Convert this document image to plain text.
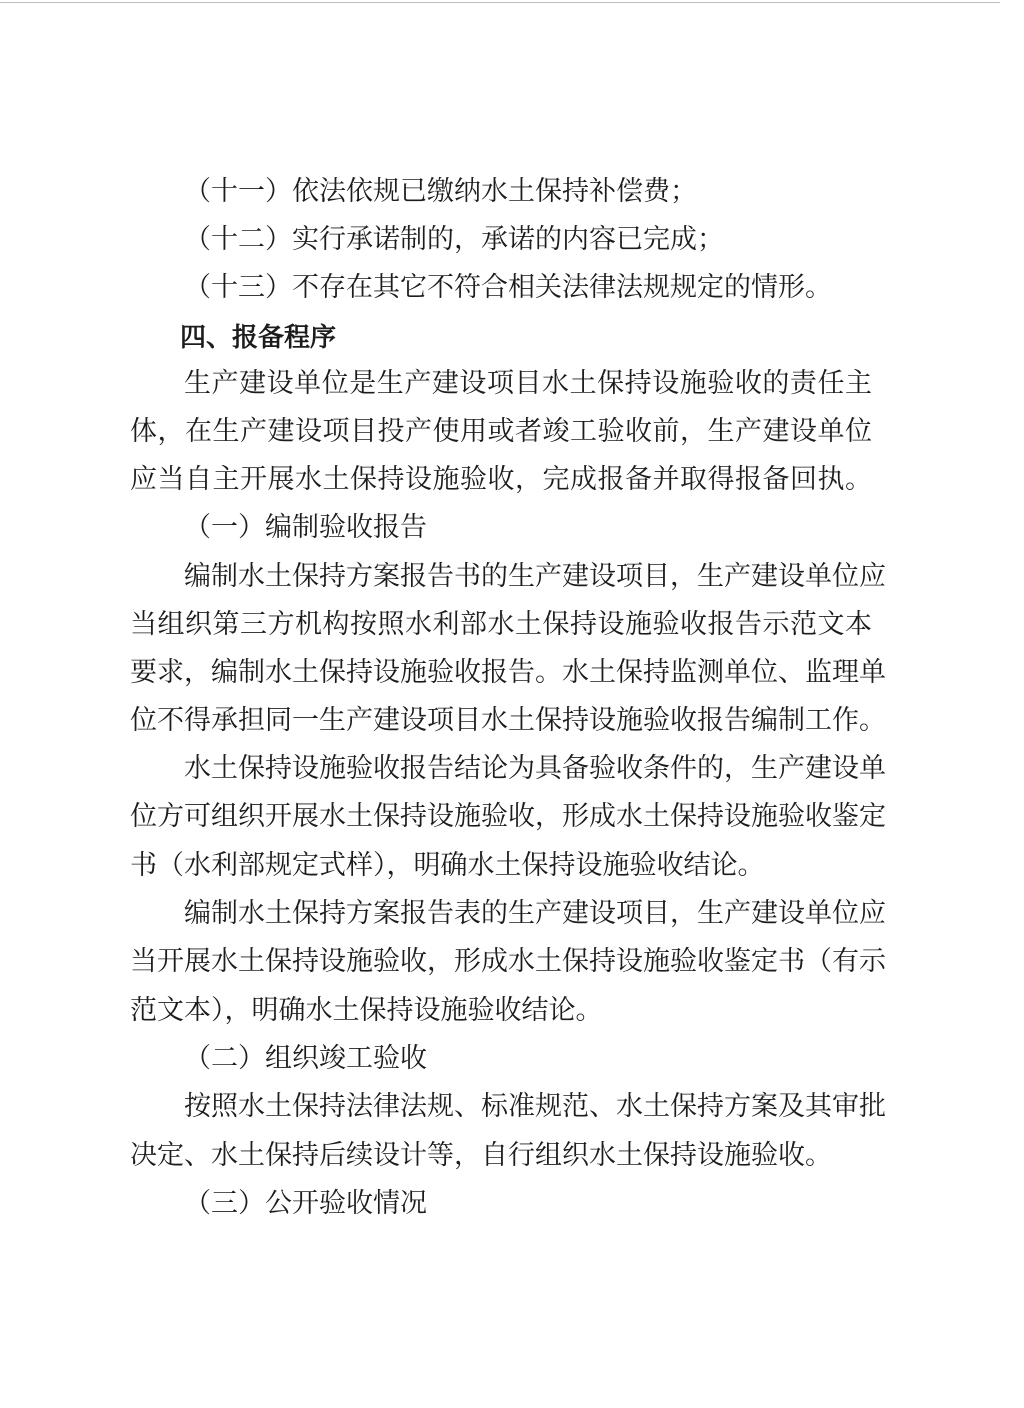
（十一）依法依规已缴纳水土保持补偿费；
（十二）实行承诺制的，承诺的内容已完成；
（十三）不存在其它不符合相关法律法规规定的情形。
四、报备程序
生产建设单位是生产建设项目水土保持设施验收的责任主
体，在生产建设项目投产使用或者竣工验收前，生产建设单位
应当自主开展水土保持设施验收，完成报备并取得报备回执。
（一）编制验收报告
编制水土保持方案报告书的生产建设项目，生产建设单位应
当组织第三方机构按照水利部水土保持设施验收报告示范文本
要求，编制水土保持设施验收报告。水土保持监测单位、监理单
位不得承担同一生产建设项目水土保持设施验收报告编制工作。
水土保持设施验收报告结论为具备验收条件的，生产建设单
位方可组织开展水土保持设施验收，形成水土保持设施验收鉴定
书（水利部规定式样），明确水土保持设施验收结论。
编制水土保持方案报告表的生产建设项目，生产建设单位应
当开展水土保持设施验收，形成水土保持设施验收鉴定书（有示
范文本），明确水土保持设施验收结论。
（二）组织竣工验收
按照水土保持法律法规、标准规范、水土保持方案及其审批
决定、水土保持后续设计等，自行组织水土保持设施验收。
（三）公开验收情况
